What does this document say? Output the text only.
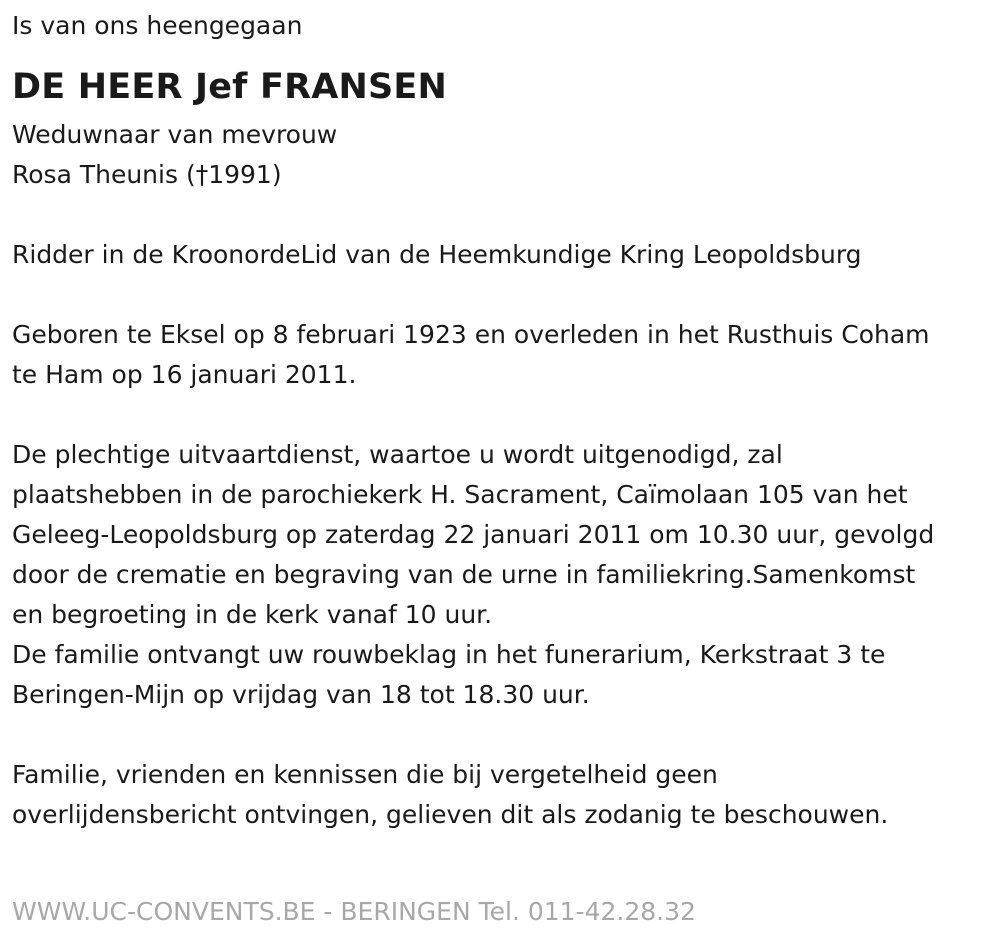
Is van ons heengegaan

DE HEER Jef FRANSEN

Weduwnaar van mevrouw

Rosa Theunis (†1991)

Ridder in de KroonordeLid van de Heemkundige Kring Leopoldsburg

Geboren te Eksel op 8 februari 1923 en overleden in het Rusthuis Coham

te Ham op 16 januari 2011.

De plechtige uitvaartdienst, waartoe u wordt uitgenodigd, zal

plaatshebben in de parochiekerk H. Sacrament, Caïmolaan 105 van het

Geleeg-Leopoldsburg op zaterdag 22 januari 2011 om 10.30 uur, gevolgd

door de crematie en begraving van de urne in familiekring.Samenkomst

en begroeting in de kerk vanaf 10 uur.

De familie ontvangt uw rouwbeklag in het funerarium, Kerkstraat 3 te

Beringen-Mijn op vrijdag van 18 tot 18.30 uur.

Familie, vrienden en kennissen die bij vergetelheid geen

overlijdensbericht ontvingen, gelieven dit als zodanig te beschouwen.

WWW.UC-CONVENTS.BE - BERINGEN Tel. 011-42.28.32
